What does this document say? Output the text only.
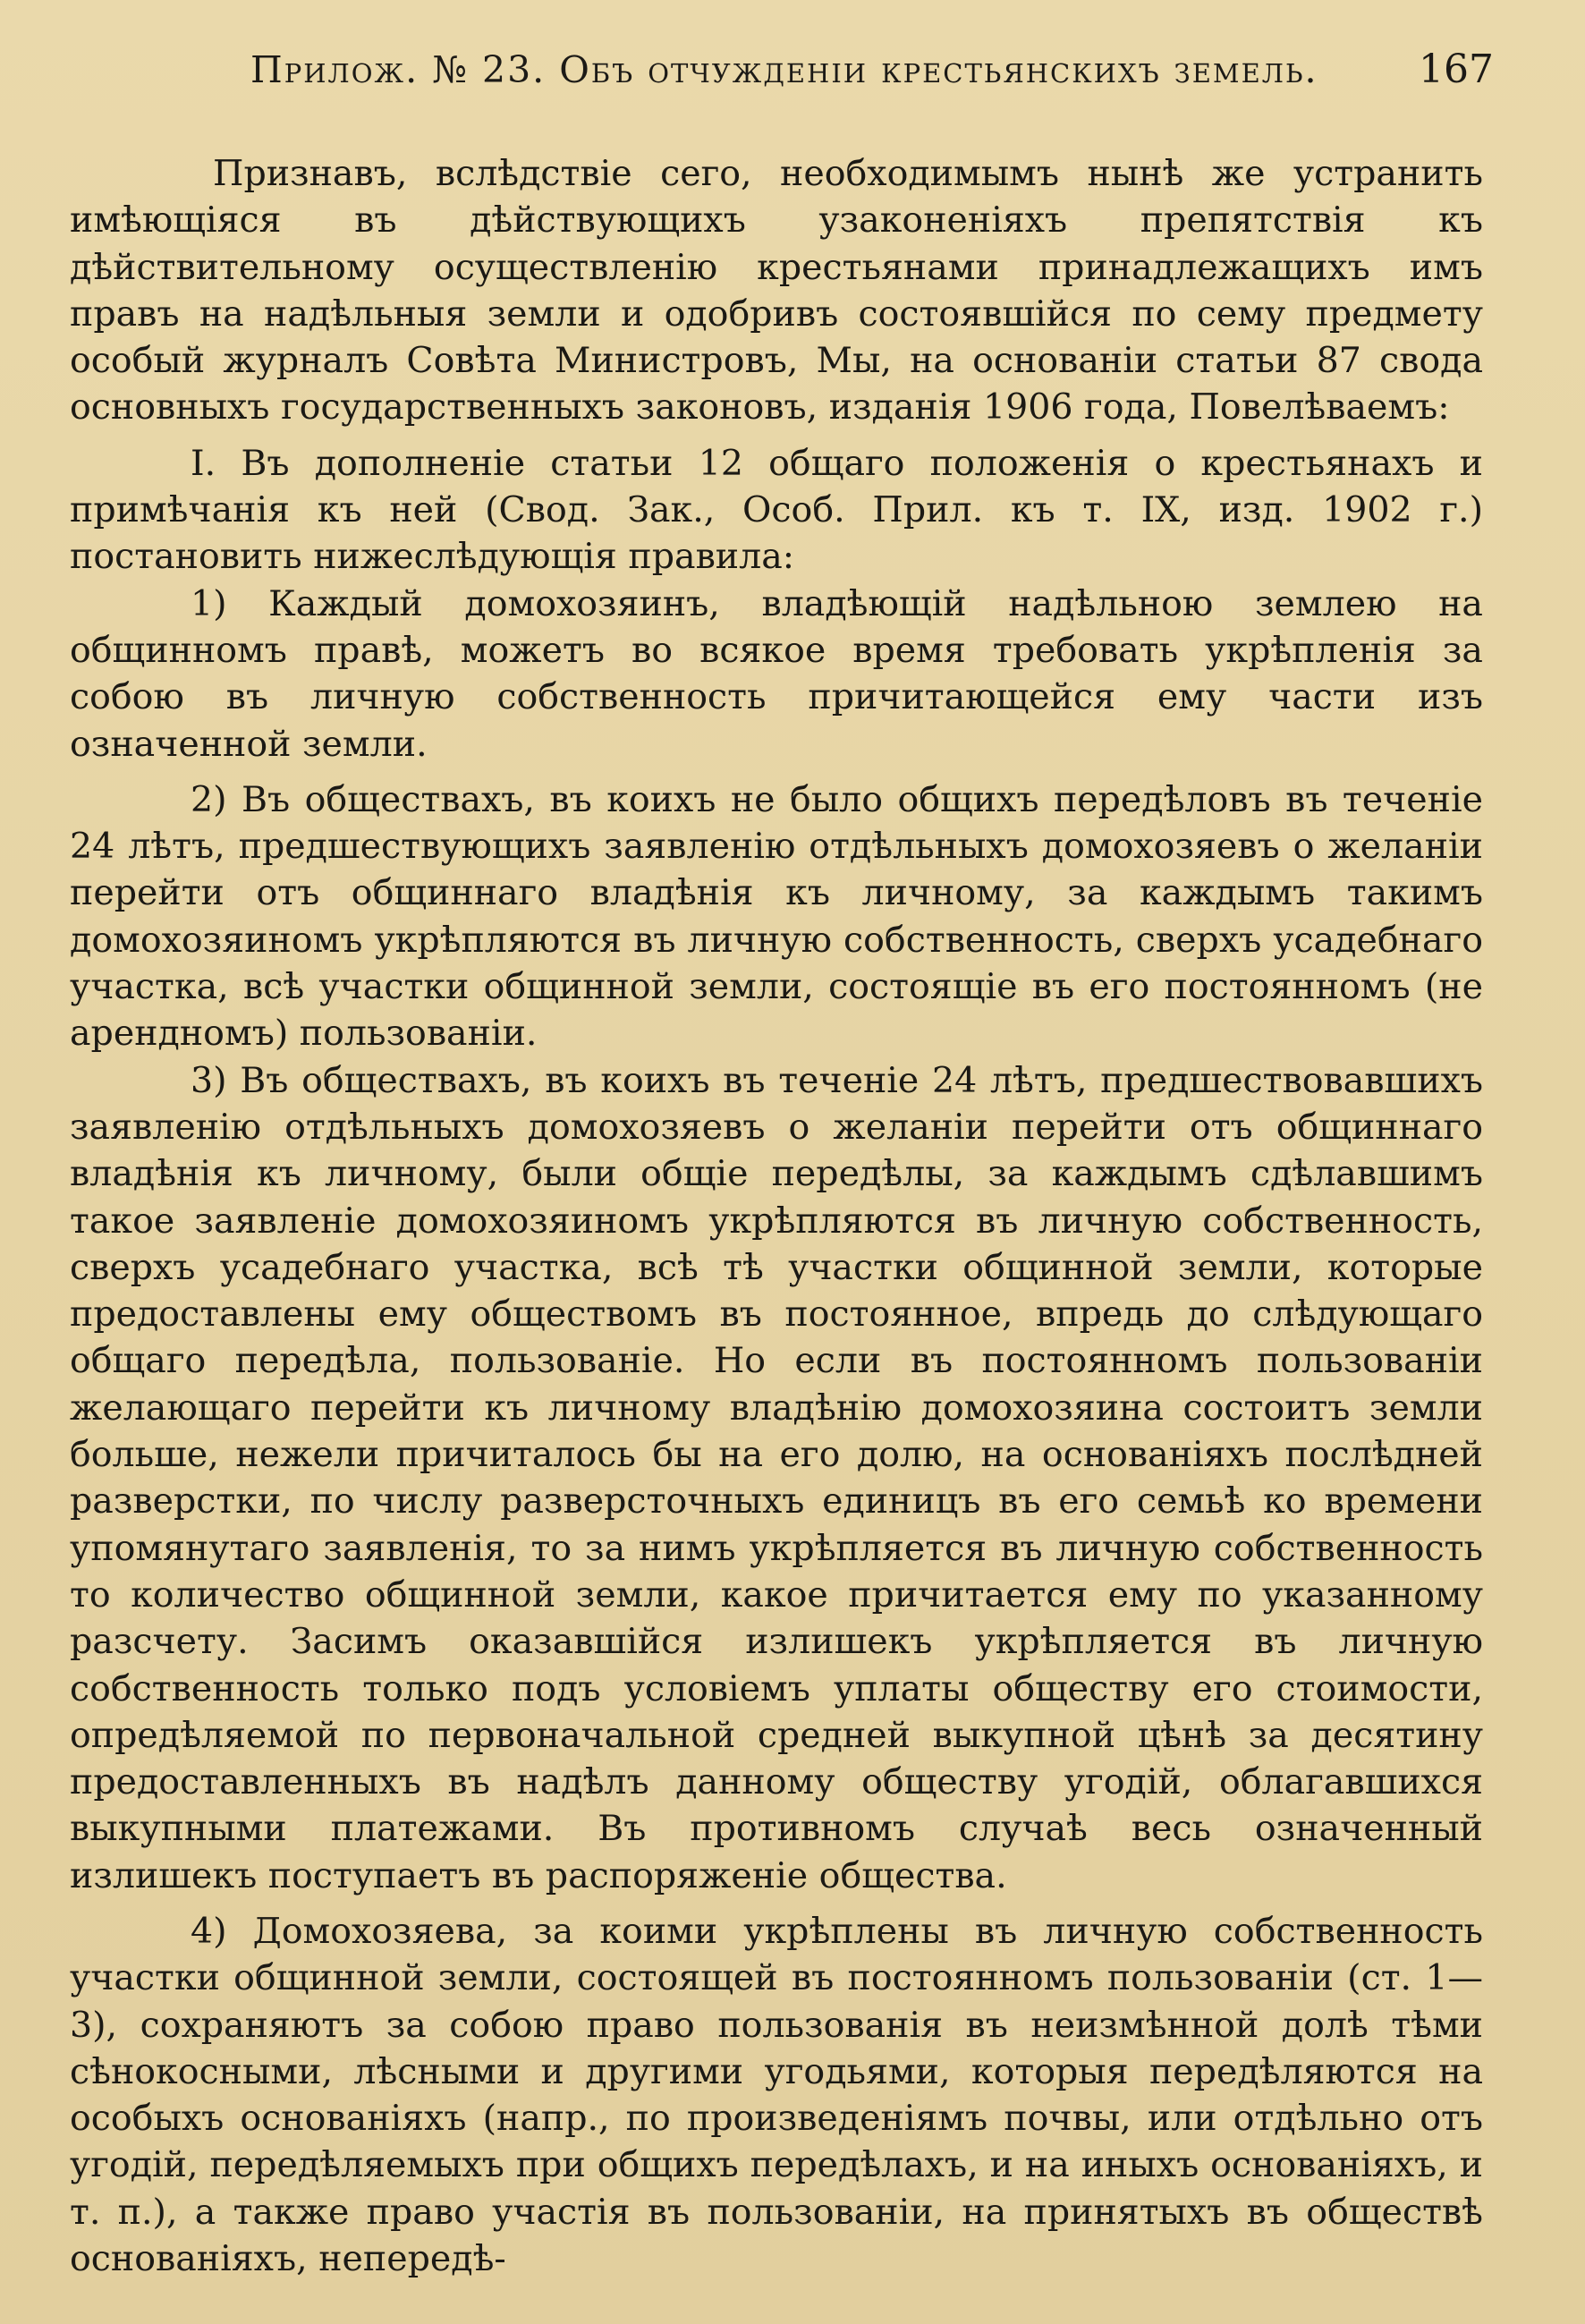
Прилож. № 23. Объ отчужденіи крестьянскихъ земель.	167

Признавъ, вслѣдствіе сего, необходимымъ нынѣ же устранить имѣющіяся въ дѣйствующихъ узаконеніяхъ препятствія къ дѣйствительному осуществленію крестьянами принадлежащихъ имъ правъ на надѣльныя земли и одобривъ состоявшійся по сему предмету особый журналъ Совѣта Министровъ, Мы, на основаніи статьи 87 свода основныхъ государственныхъ законовъ, изданія 1906 года, Повелѣваемъ:

I. Въ дополненіе статьи 12 общаго положенія о крестьянахъ и примѣчанія къ ней (Свод. Зак., Особ. Прил. къ т. IX, изд. 1902 г.) постановить нижеслѣдующія правила:

1) Каждый домохозяинъ, владѣющій надѣльною землею на общинномъ правѣ, можетъ во всякое время требовать укрѣпленія за собою въ личную собственность причитающейся ему части изъ означенной земли.

2) Въ обществахъ, въ коихъ не было общихъ передѣловъ въ теченіе 24 лѣтъ, предшествующихъ заявленію отдѣльныхъ домохозяевъ о желаніи перейти отъ общиннаго владѣнія къ личному, за каждымъ такимъ домохозяиномъ укрѣпляются въ личную собственность, сверхъ усадебнаго участка, всѣ участки общинной земли, состоящіе въ его постоянномъ (не арендномъ) пользованіи.

3) Въ обществахъ, въ коихъ въ теченіе 24 лѣтъ, предшествовавшихъ заявленію отдѣльныхъ домохозяевъ о желаніи перейти отъ общиннаго владѣнія къ личному, были общіе передѣлы, за каждымъ сдѣлавшимъ такое заявленіе домохозяиномъ укрѣпляются въ личную собственность, сверхъ усадебнаго участка, всѣ тѣ участки общинной земли, которые предоставлены ему обществомъ въ постоянное, впредь до слѣдующаго общаго передѣла, пользованіе. Но если въ постоянномъ пользованіи желающаго перейти къ личному владѣнію домохозяина состоитъ земли больше, нежели причиталось бы на его долю, на основаніяхъ послѣдней разверстки, по числу разверсточныхъ единицъ въ его семьѣ ко времени упомянутаго заявленія, то за нимъ укрѣпляется въ личную собственность то количество общинной земли, какое причитается ему по указанному разсчету. Засимъ оказавшійся излишекъ укрѣпляется въ личную собственность только подъ условіемъ уплаты обществу его стоимости, опредѣляемой по первоначальной средней выкупной цѣнѣ за десятину предоставленныхъ въ надѣлъ данному обществу угодій, облагавшихся выкупными платежами. Въ противномъ случаѣ весь означенный излишекъ поступаетъ въ распоряженіе общества.

4) Домохозяева, за коими укрѣплены въ личную собственность участки общинной земли, состоящей въ постоянномъ пользованіи (ст. 1—3), сохраняютъ за собою право пользованія въ неизмѣнной долѣ тѣми сѣнокосными, лѣсными и другими угодьями, которыя передѣляются на особыхъ основаніяхъ (напр., по произведеніямъ почвы, или отдѣльно отъ угодій, передѣляемыхъ при общихъ передѣлахъ, и на иныхъ основаніяхъ, и т. п.), а также право участія въ пользованіи, на принятыхъ въ обществѣ основаніяхъ, непередѣ-
